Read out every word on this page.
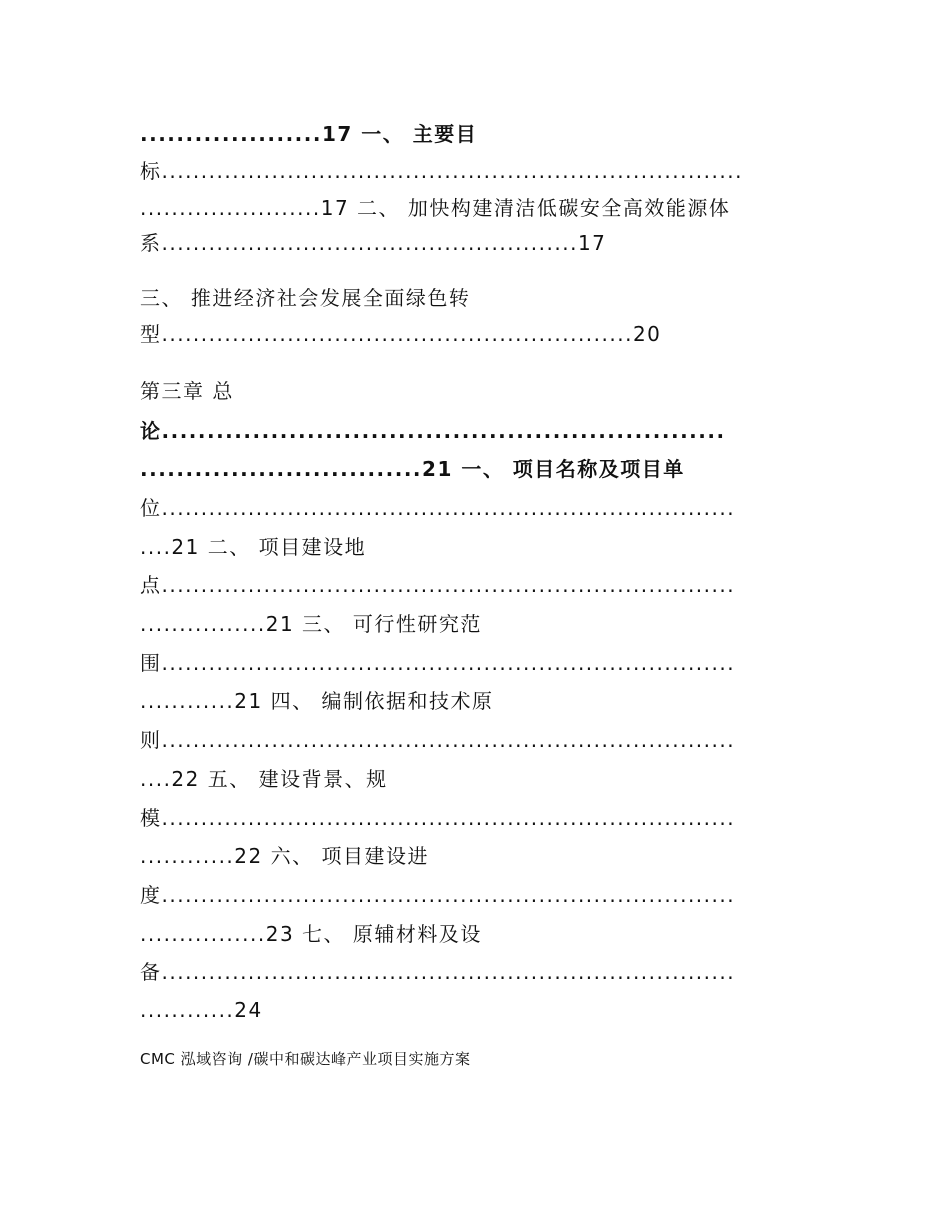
....................17 一、 主要目
标..........................................................................
.......................17 二、 加快构建清洁低碳安全高效能源体
系.....................................................17
三、 推进经济社会发展全面绿色转
型............................................................20
第三章 总
论..............................................................
...............................21 一、 项目名称及项目单
位.........................................................................
....21 二、 项目建设地
点.........................................................................
................21 三、 可行性研究范
围.........................................................................
............21 四、 编制依据和技术原
则.........................................................................
....22 五、 建设背景、规
模.........................................................................
............22 六、 项目建设进
度.........................................................................
................23 七、 原辅材料及设
备.........................................................................
............24
CMC 泓域咨询 /碳中和碳达峰产业项目实施方案
